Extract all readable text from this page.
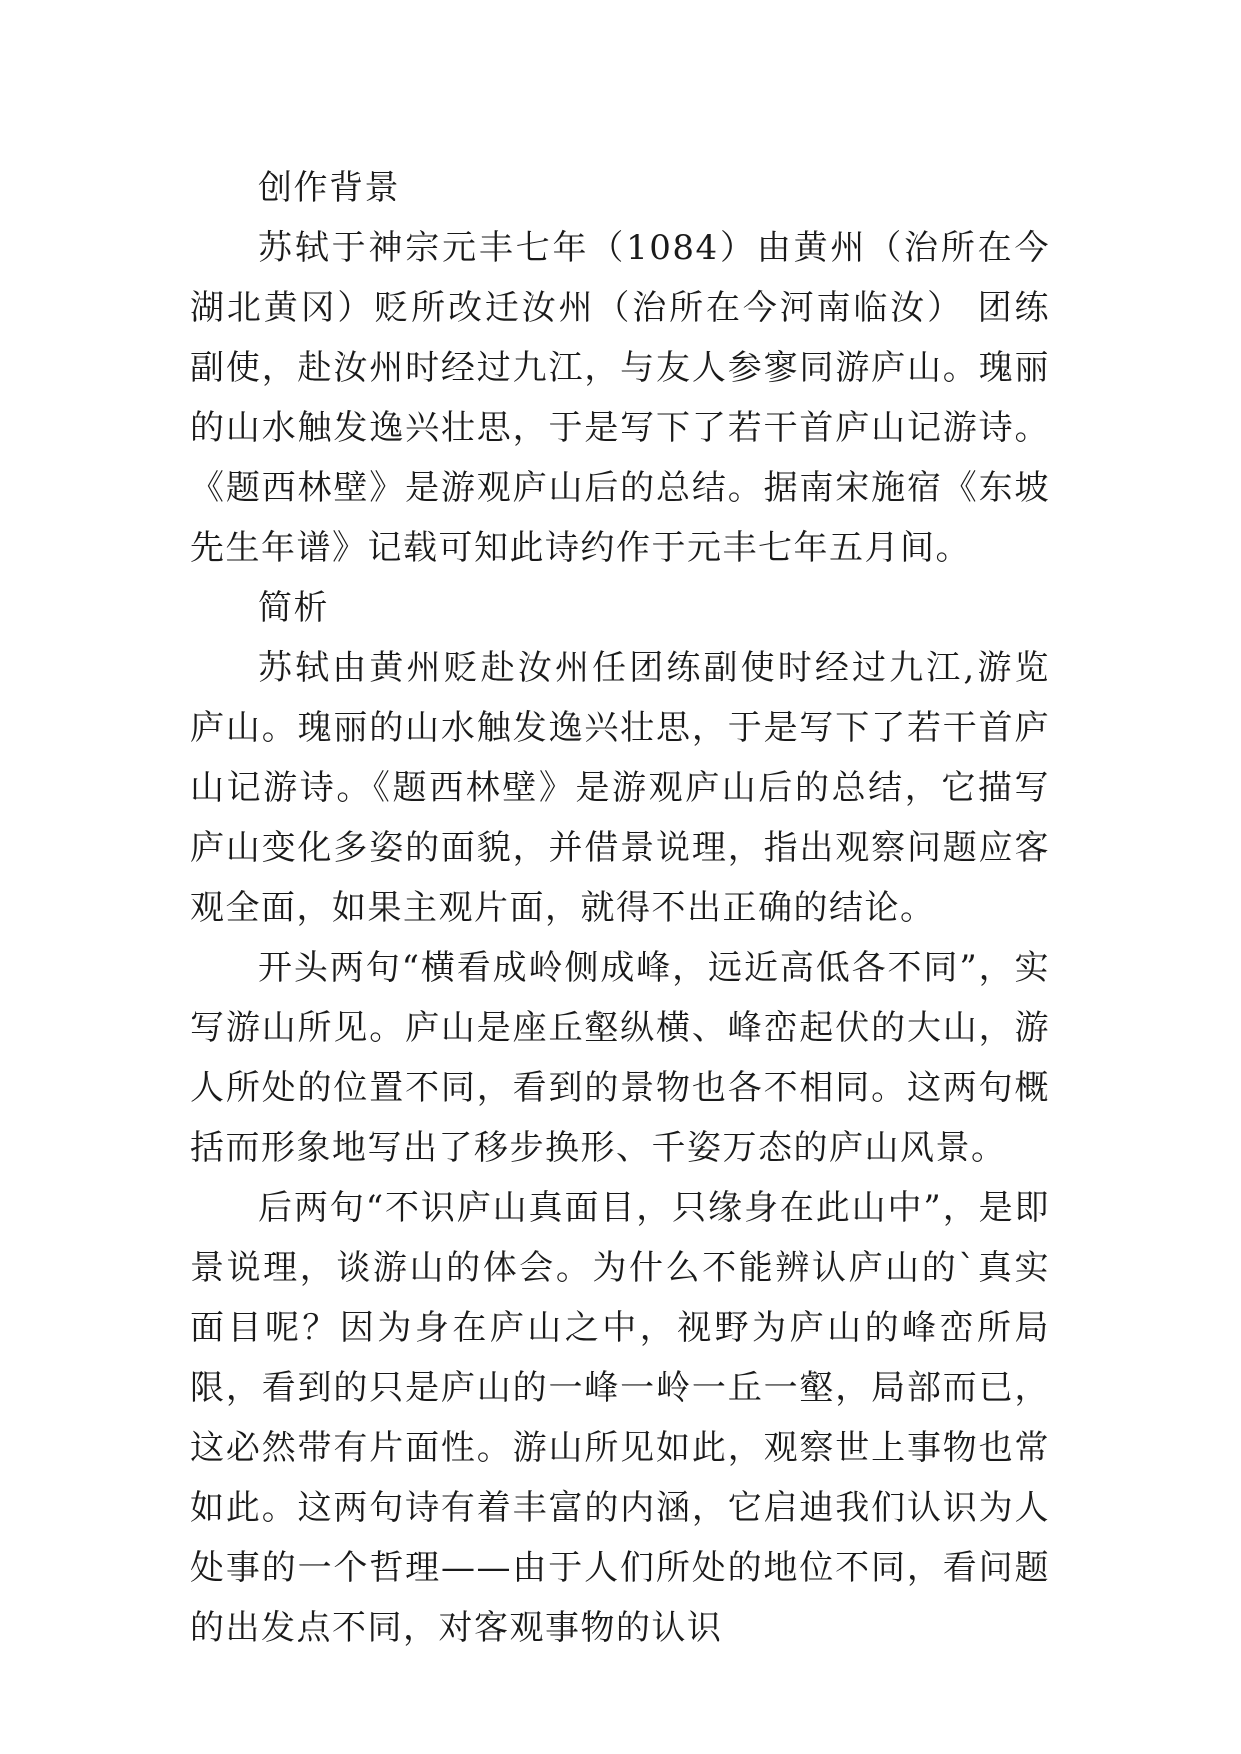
创作背景

苏轼于神宗元丰七年（1084）由黄州（治所在今湖北黄冈）贬所改迁汝州（治所在今河南临汝） 团练副使，赴汝州时经过九江，与友人参寥同游庐山。瑰丽的山水触发逸兴壮思，于是写下了若干首庐山记游诗。《题西林壁》是游观庐山后的总结。据南宋施宿《东坡先生年谱》记载可知此诗约作于元丰七年五月间。

简析

苏轼由黄州贬赴汝州任团练副使时经过九江,游览庐山。瑰丽的山水触发逸兴壮思，于是写下了若干首庐山记游诗。《题西林壁》是游观庐山后的总结，它描写庐山变化多姿的面貌，并借景说理，指出观察问题应客观全面，如果主观片面，就得不出正确的结论。

开头两句“横看成岭侧成峰，远近高低各不同”，实写游山所见。庐山是座丘壑纵横、峰峦起伏的大山，游人所处的位置不同，看到的景物也各不相同。这两句概括而形象地写出了移步换形、千姿万态的庐山风景。

后两句“不识庐山真面目，只缘身在此山中”，是即景说理，谈游山的体会。为什么不能辨认庐山的`真实面目呢？因为身在庐山之中，视野为庐山的峰峦所局限，看到的只是庐山的一峰一岭一丘一壑，局部而已，这必然带有片面性。游山所见如此，观察世上事物也常如此。这两句诗有着丰富的内涵，它启迪我们认识为人处事的一个哲理——由于人们所处的地位不同，看问题的出发点不同，对客观事物的认识
